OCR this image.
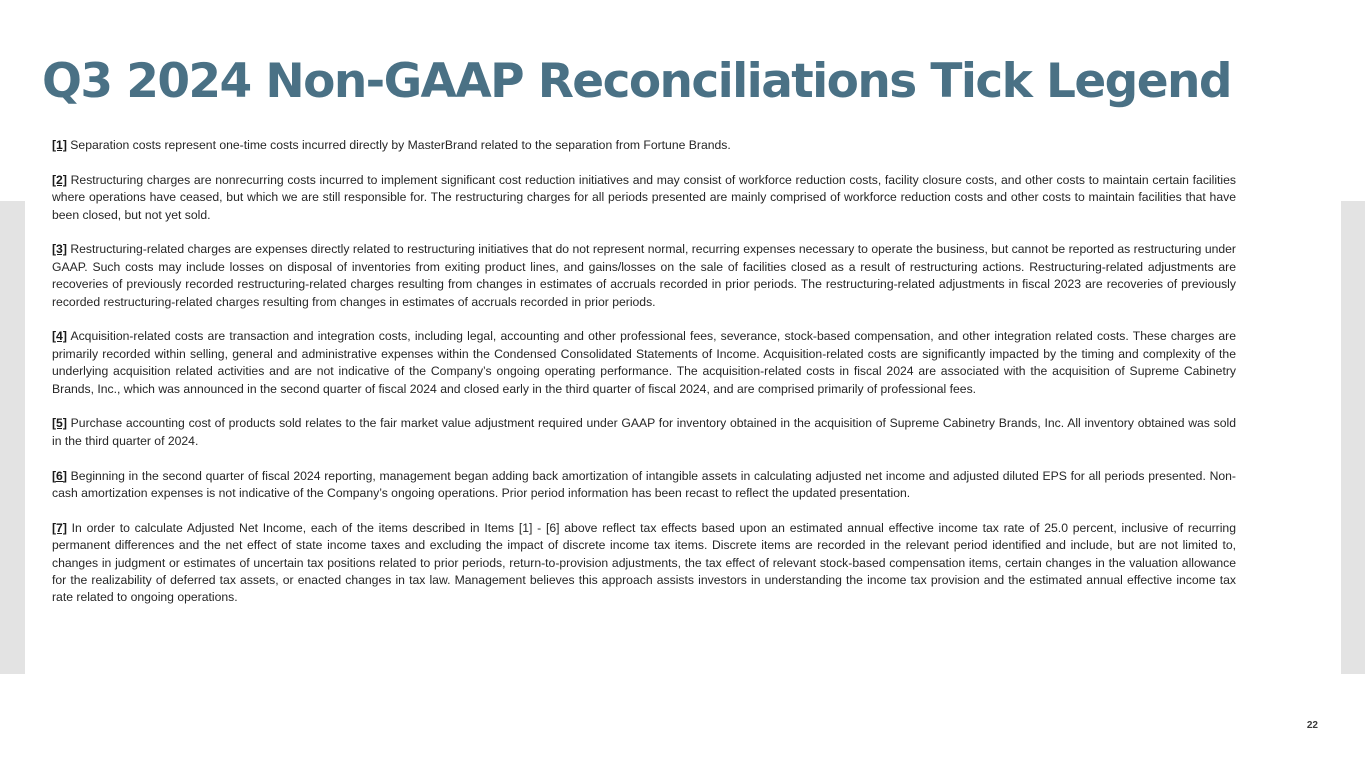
Q3 2024 Non-GAAP Reconciliations Tick Legend

[1] Separation costs represent one-time costs incurred directly by MasterBrand related to the separation from Fortune Brands.

[2] Restructuring charges are nonrecurring costs incurred to implement significant cost reduction initiatives and may consist of workforce reduction costs, facility closure costs, and other costs to maintain certain facilities where operations have ceased, but which we are still responsible for. The restructuring charges for all periods presented are mainly comprised of workforce reduction costs and other costs to maintain facilities that have been closed, but not yet sold.

[3] Restructuring-related charges are expenses directly related to restructuring initiatives that do not represent normal, recurring expenses necessary to operate the business, but cannot be reported as restructuring under GAAP. Such costs may include losses on disposal of inventories from exiting product lines, and gains/losses on the sale of facilities closed as a result of restructuring actions. Restructuring-related adjustments are recoveries of previously recorded restructuring-related charges resulting from changes in estimates of accruals recorded in prior periods. The restructuring-related adjustments in fiscal 2023 are recoveries of previously recorded restructuring-related charges resulting from changes in estimates of accruals recorded in prior periods.

[4] Acquisition-related costs are transaction and integration costs, including legal, accounting and other professional fees, severance, stock-based compensation, and other integration related costs. These charges are primarily recorded within selling, general and administrative expenses within the Condensed Consolidated Statements of Income. Acquisition-related costs are significantly impacted by the timing and complexity of the underlying acquisition related activities and are not indicative of the Company’s ongoing operating performance. The acquisition-related costs in fiscal 2024 are associated with the acquisition of Supreme Cabinetry Brands, Inc., which was announced in the second quarter of fiscal 2024 and closed early in the third quarter of fiscal 2024, and are comprised primarily of professional fees.

[5] Purchase accounting cost of products sold relates to the fair market value adjustment required under GAAP for inventory obtained in the acquisition of Supreme Cabinetry Brands, Inc. All inventory obtained was sold in the third quarter of 2024.

[6] Beginning in the second quarter of fiscal 2024 reporting, management began adding back amortization of intangible assets in calculating adjusted net income and adjusted diluted EPS for all periods presented. Non-cash amortization expenses is not indicative of the Company’s ongoing operations. Prior period information has been recast to reflect the updated presentation.

[7] In order to calculate Adjusted Net Income, each of the items described in Items [1] - [6] above reflect tax effects based upon an estimated annual effective income tax rate of 25.0 percent, inclusive of recurring permanent differences and the net effect of state income taxes and excluding the impact of discrete income tax items. Discrete items are recorded in the relevant period identified and include, but are not limited to, changes in judgment or estimates of uncertain tax positions related to prior periods, return-to-provision adjustments, the tax effect of relevant stock-based compensation items, certain changes in the valuation allowance for the realizability of deferred tax assets, or enacted changes in tax law. Management believes this approach assists investors in understanding the income tax provision and the estimated annual effective income tax rate related to ongoing operations.

22
